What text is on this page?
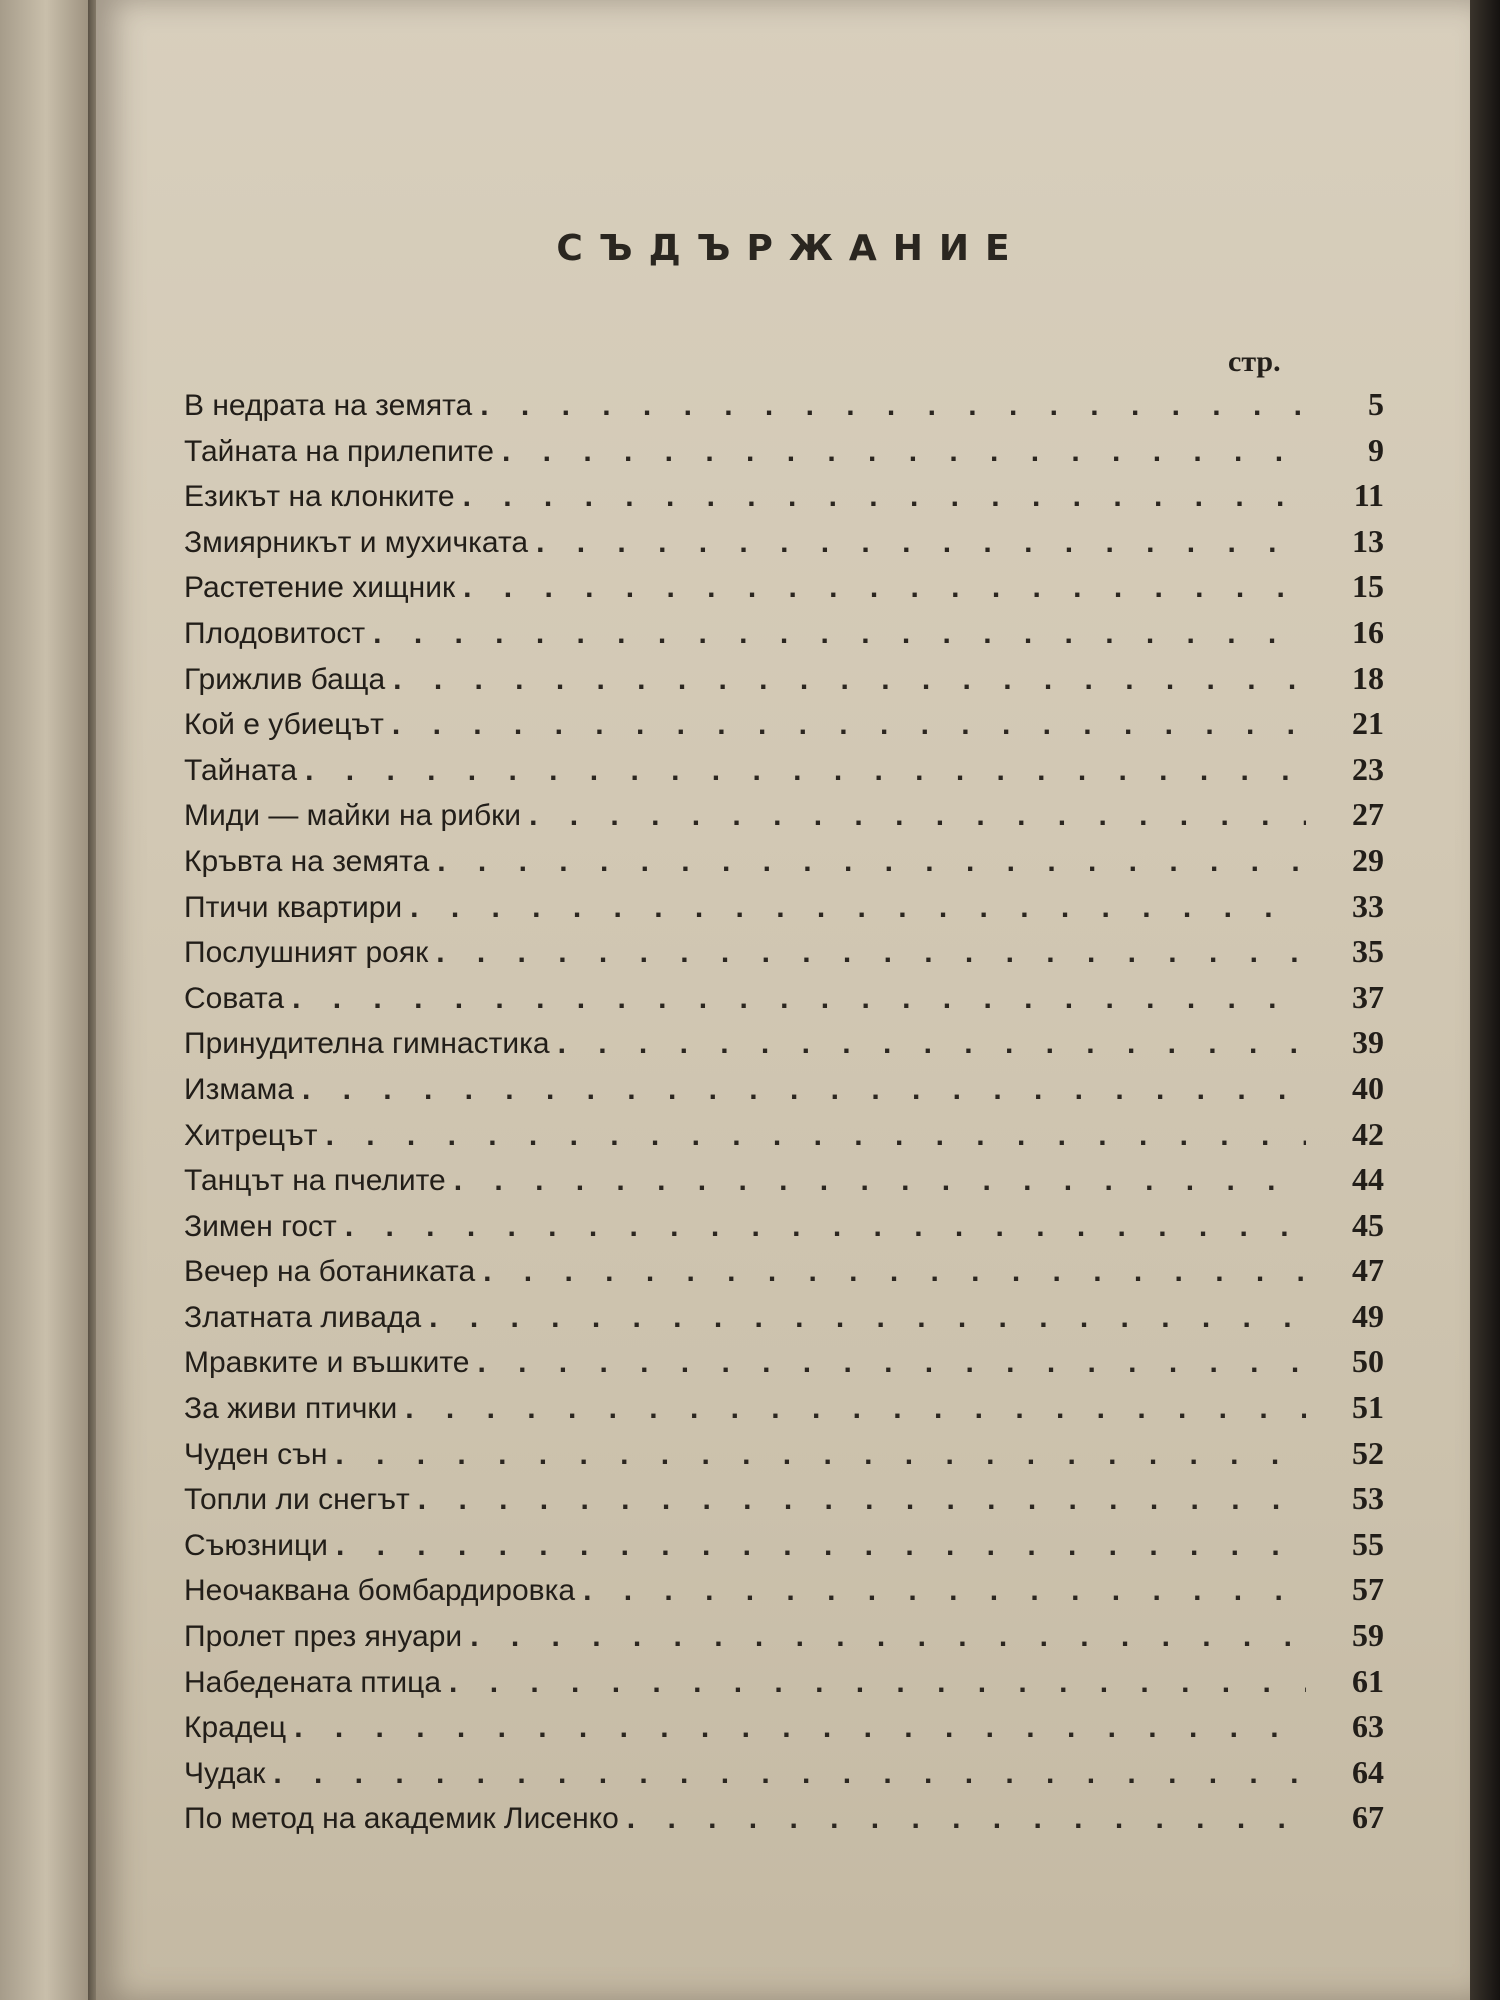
СЪДЪРЖАНИЕ
стр.
В недрата на земята . . .	5
Тайната на прилепите . . .	9
Езикът на клонките . . .	11
Змиярникът и мухичката . . .	13
Растетение хищник . . .	15
Плодовитост . . .	16
Грижлив баща . . .	18
Кой е убиецът . . .	21
Тайната . . .	23
Миди — майки на рибки . . .	27
Кръвта на земята . . .	29
Птичи квартири . . .	33
Послушният рояк . . .	35
Совата . . .	37
Принудителна гимнастика . . .	39
Измама . . .	40
Хитрецът . . .	42
Танцът на пчелите . . .	44
Зимен гост . . .	45
Вечер на ботаниката . . .	47
Златната ливада . . .	49
Мравките и въшките . . .	50
За живи птички . . .	51
Чуден сън . . .	52
Топли ли снегът . . .	53
Съюзници . . .	55
Неочаквана бомбардировка . . .	57
Пролет през януари . . .	59
Набедената птица . . .	61
Крадец . . .	63
Чудак . . .	64
По метод на академик Лисенко . . .	67
